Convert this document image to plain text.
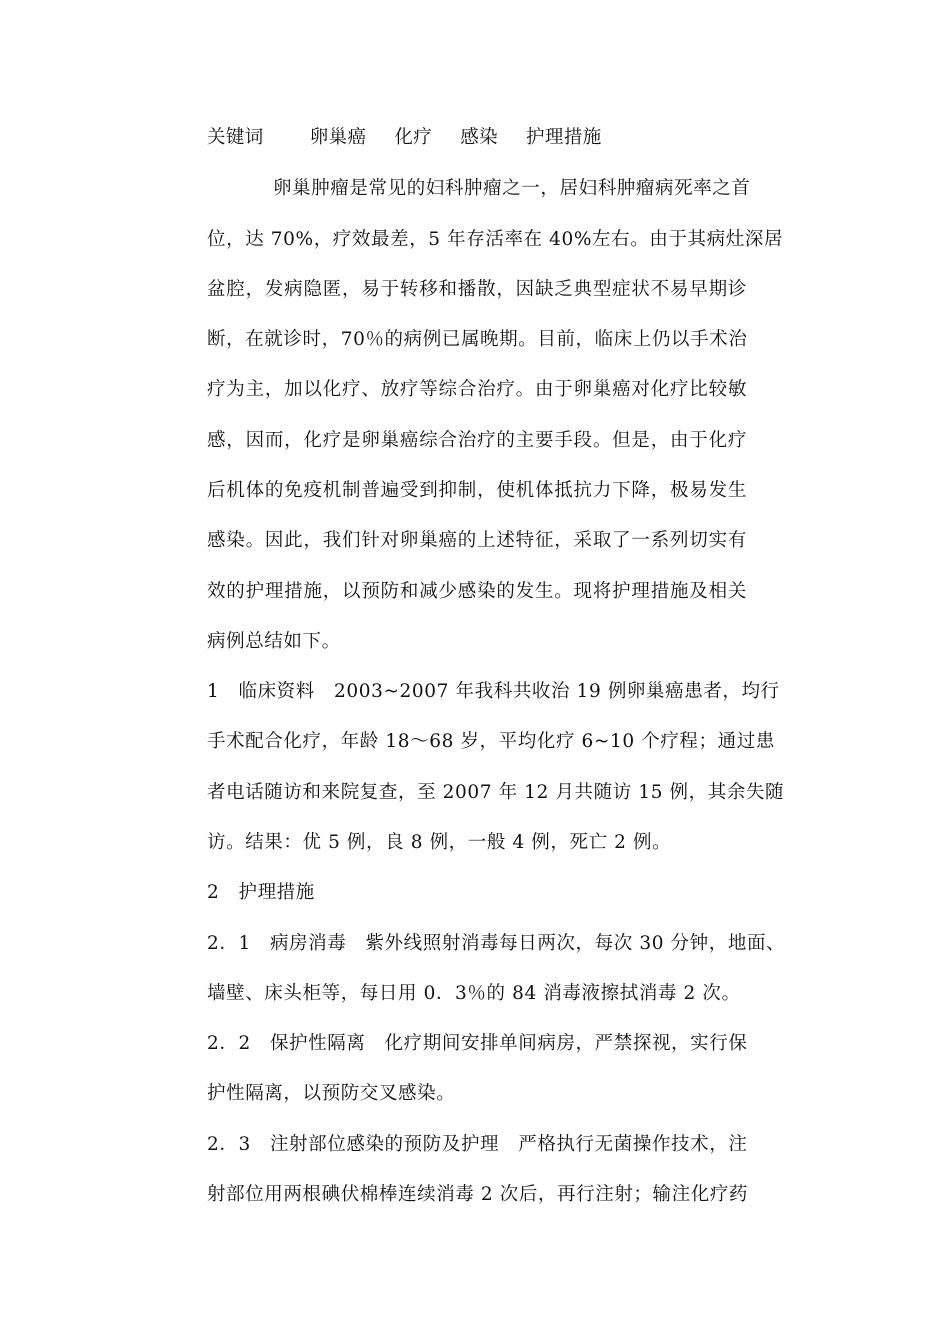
关键词 卵巢癌 化疗 感染 护理措施
卵巢肿瘤是常见的妇科肿瘤之一，居妇科肿瘤病死率之首
位，达 70%，疗效最差，5 年存活率在 40%左右。由于其病灶深居
盆腔，发病隐匿，易于转移和播散，因缺乏典型症状不易早期诊
断，在就诊时，70％的病例已属晚期。目前，临床上仍以手术治
疗为主，加以化疗、放疗等综合治疗。由于卵巢癌对化疗比较敏
感，因而，化疗是卵巢癌综合治疗的主要手段。但是，由于化疗
后机体的免疫机制普遍受到抑制，使机体抵抗力下降，极易发生
感染。因此，我们针对卵巢癌的上述特征，采取了一系列切实有
效的护理措施，以预防和减少感染的发生。现将护理措施及相关
病例总结如下。
1　临床资料　2003~2007 年我科共收治 19 例卵巢癌患者，均行
手术配合化疗，年龄 18～68 岁，平均化疗 6~10 个疗程；通过患
者电话随访和来院复查，至 2007 年 12 月共随访 15 例，其余失随
访。结果：优 5 例，良 8 例，一般 4 例，死亡 2 例。
2　护理措施
2．1　病房消毒　紫外线照射消毒每日两次，每次 30 分钟，地面、
墙壁、床头柜等，每日用 0．3％的 84 消毒液擦拭消毒 2 次。
2．2　保护性隔离　化疗期间安排单间病房，严禁探视，实行保
护性隔离，以预防交叉感染。
2．3　注射部位感染的预防及护理　严格执行无菌操作技术，注
射部位用两根碘伏棉棒连续消毒 2 次后，再行注射；输注化疗药
